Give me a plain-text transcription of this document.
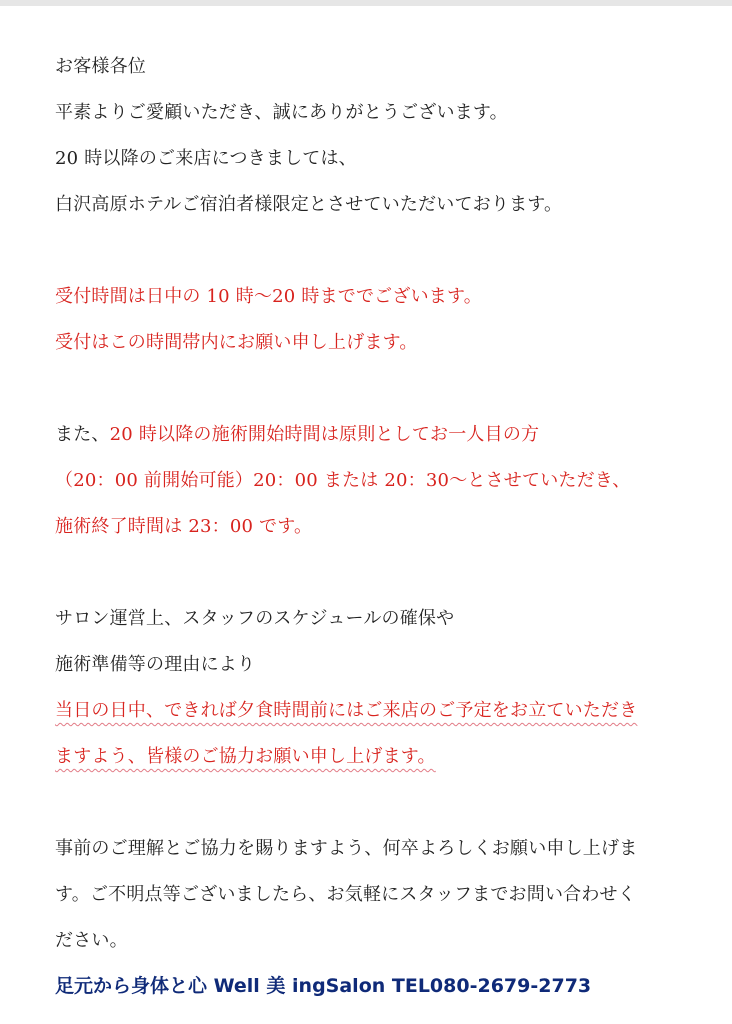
お客様各位
平素よりご愛顧いただき、誠にありがとうございます。
20 時以降のご来店につきましては、
白沢高原ホテルご宿泊者様限定とさせていただいております。
受付時間は日中の 10 時〜20 時まででございます。
受付はこの時間帯内にお願い申し上げます。
また、20 時以降の施術開始時間は原則としてお一人目の方
（20：00 前開始可能）20：00 または 20：30〜とさせていただき、
施術終了時間は 23：00 です。
サロン運営上、スタッフのスケジュールの確保や
施術準備等の理由により
当日の日中、できれば夕食時間前にはご来店のご予定をお立ていただき
ますよう、皆様のご協力お願い申し上げます。
事前のご理解とご協力を賜りますよう、何卒よろしくお願い申し上げま
す。ご不明点等ございましたら、お気軽にスタッフまでお問い合わせく
ださい。
足元から身体と心 Well 美 ingSalon TEL080-2679-2773
